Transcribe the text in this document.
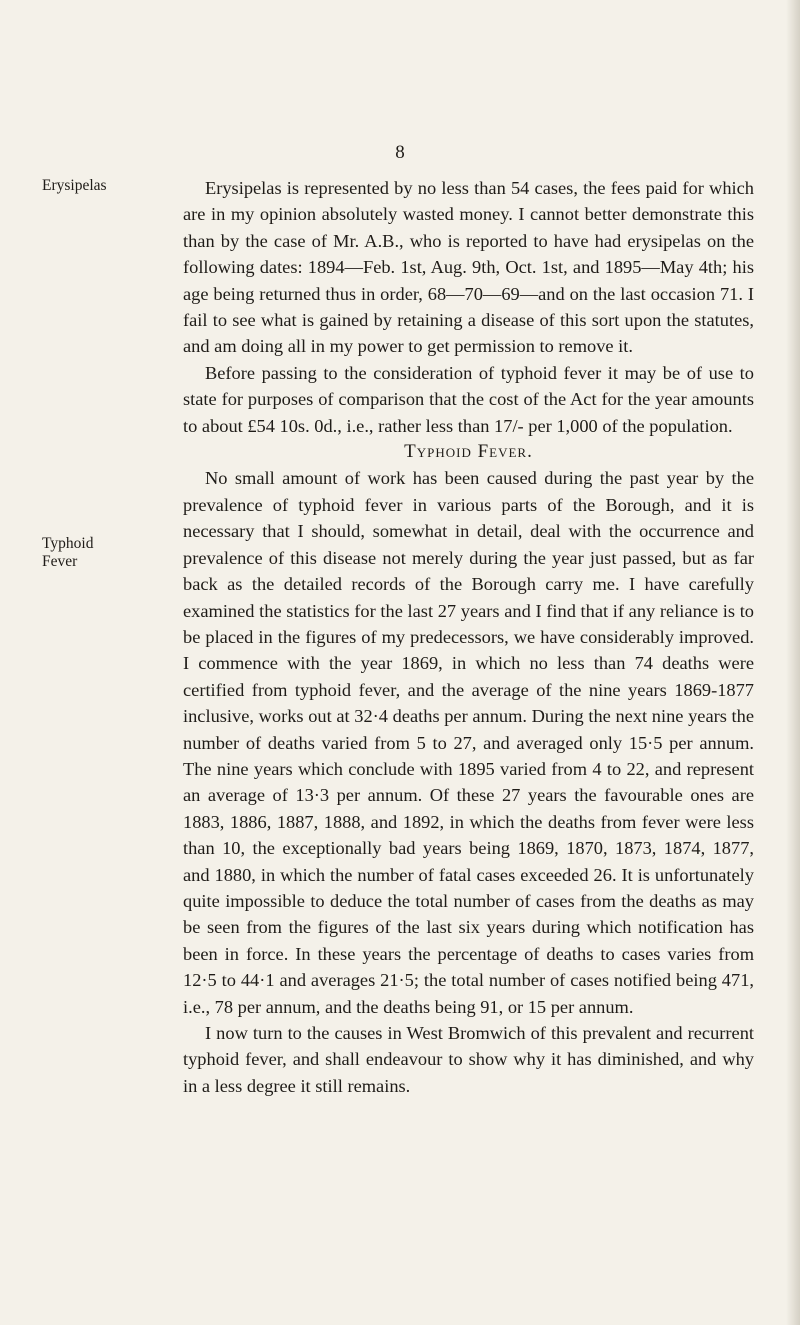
8
Erysipelas
Typhoid Fever

Erysipelas is represented by no less than 54 cases, the fees paid for which are in my opinion absolutely wasted money. I cannot better demonstrate this than by the case of Mr. A.B., who is reported to have had erysipelas on the following dates: 1894—Feb. 1st, Aug. 9th, Oct. 1st, and 1895—May 4th; his age being returned thus in order, 68—70—69—and on the last occasion 71. I fail to see what is gained by retaining a disease of this sort upon the statutes, and am doing all in my power to get permission to remove it.

Before passing to the consideration of typhoid fever it may be of use to state for purposes of comparison that the cost of the Act for the year amounts to about £54 10s. 0d., i.e., rather less than 17/- per 1,000 of the population.

Typhoid Fever.

No small amount of work has been caused during the past year by the prevalence of typhoid fever in various parts of the Borough, and it is necessary that I should, somewhat in detail, deal with the occurrence and prevalence of this disease not merely during the year just passed, but as far back as the detailed records of the Borough carry me. I have carefully examined the statistics for the last 27 years and I find that if any reliance is to be placed in the figures of my predecessors, we have considerably improved. I commence with the year 1869, in which no less than 74 deaths were certified from typhoid fever, and the average of the nine years 1869-1877 inclusive, works out at 32·4 deaths per annum. During the next nine years the number of deaths varied from 5 to 27, and averaged only 15·5 per annum. The nine years which conclude with 1895 varied from 4 to 22, and represent an average of 13·3 per annum. Of these 27 years the favourable ones are 1883, 1886, 1887, 1888, and 1892, in which the deaths from fever were less than 10, the exceptionally bad years being 1869, 1870, 1873, 1874, 1877, and 1880, in which the number of fatal cases exceeded 26. It is unfortunately quite impossible to deduce the total number of cases from the deaths as may be seen from the figures of the last six years during which notification has been in force. In these years the percentage of deaths to cases varies from 12·5 to 44·1 and averages 21·5; the total number of cases notified being 471, i.e., 78 per annum, and the deaths being 91, or 15 per annum.

I now turn to the causes in West Bromwich of this prevalent and recurrent typhoid fever, and shall endeavour to show why it has diminished, and why in a less degree it still remains.
